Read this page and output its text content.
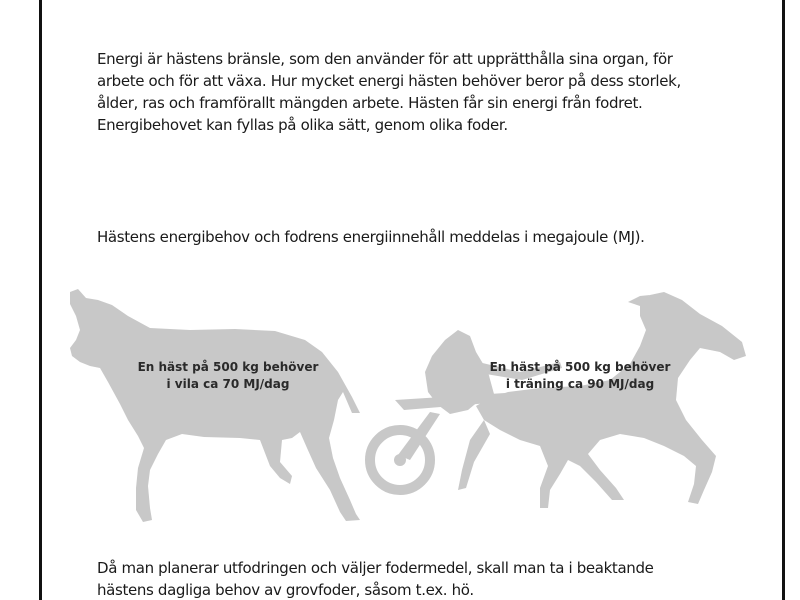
Energi är hästens bränsle, som den använder för att upprätthålla sina organ, för
arbete och för att växa. Hur mycket energi hästen behöver beror på dess storlek,
ålder, ras och framförallt mängden arbete. Hästen får sin energi från fodret.
Energibehovet kan fyllas på olika sätt, genom olika foder.

Hästens energibehov och fodrens energiinnehåll meddelas i megajoule (MJ).

En häst på 500 kg behöver
i vila ca 70 MJ/dag
En häst på 500 kg behöver
i träning ca 90 MJ/dag

Då man planerar utfodringen och väljer fodermedel, skall man ta i beaktande
hästens dagliga behov av grovfoder, såsom t.ex. hö.
